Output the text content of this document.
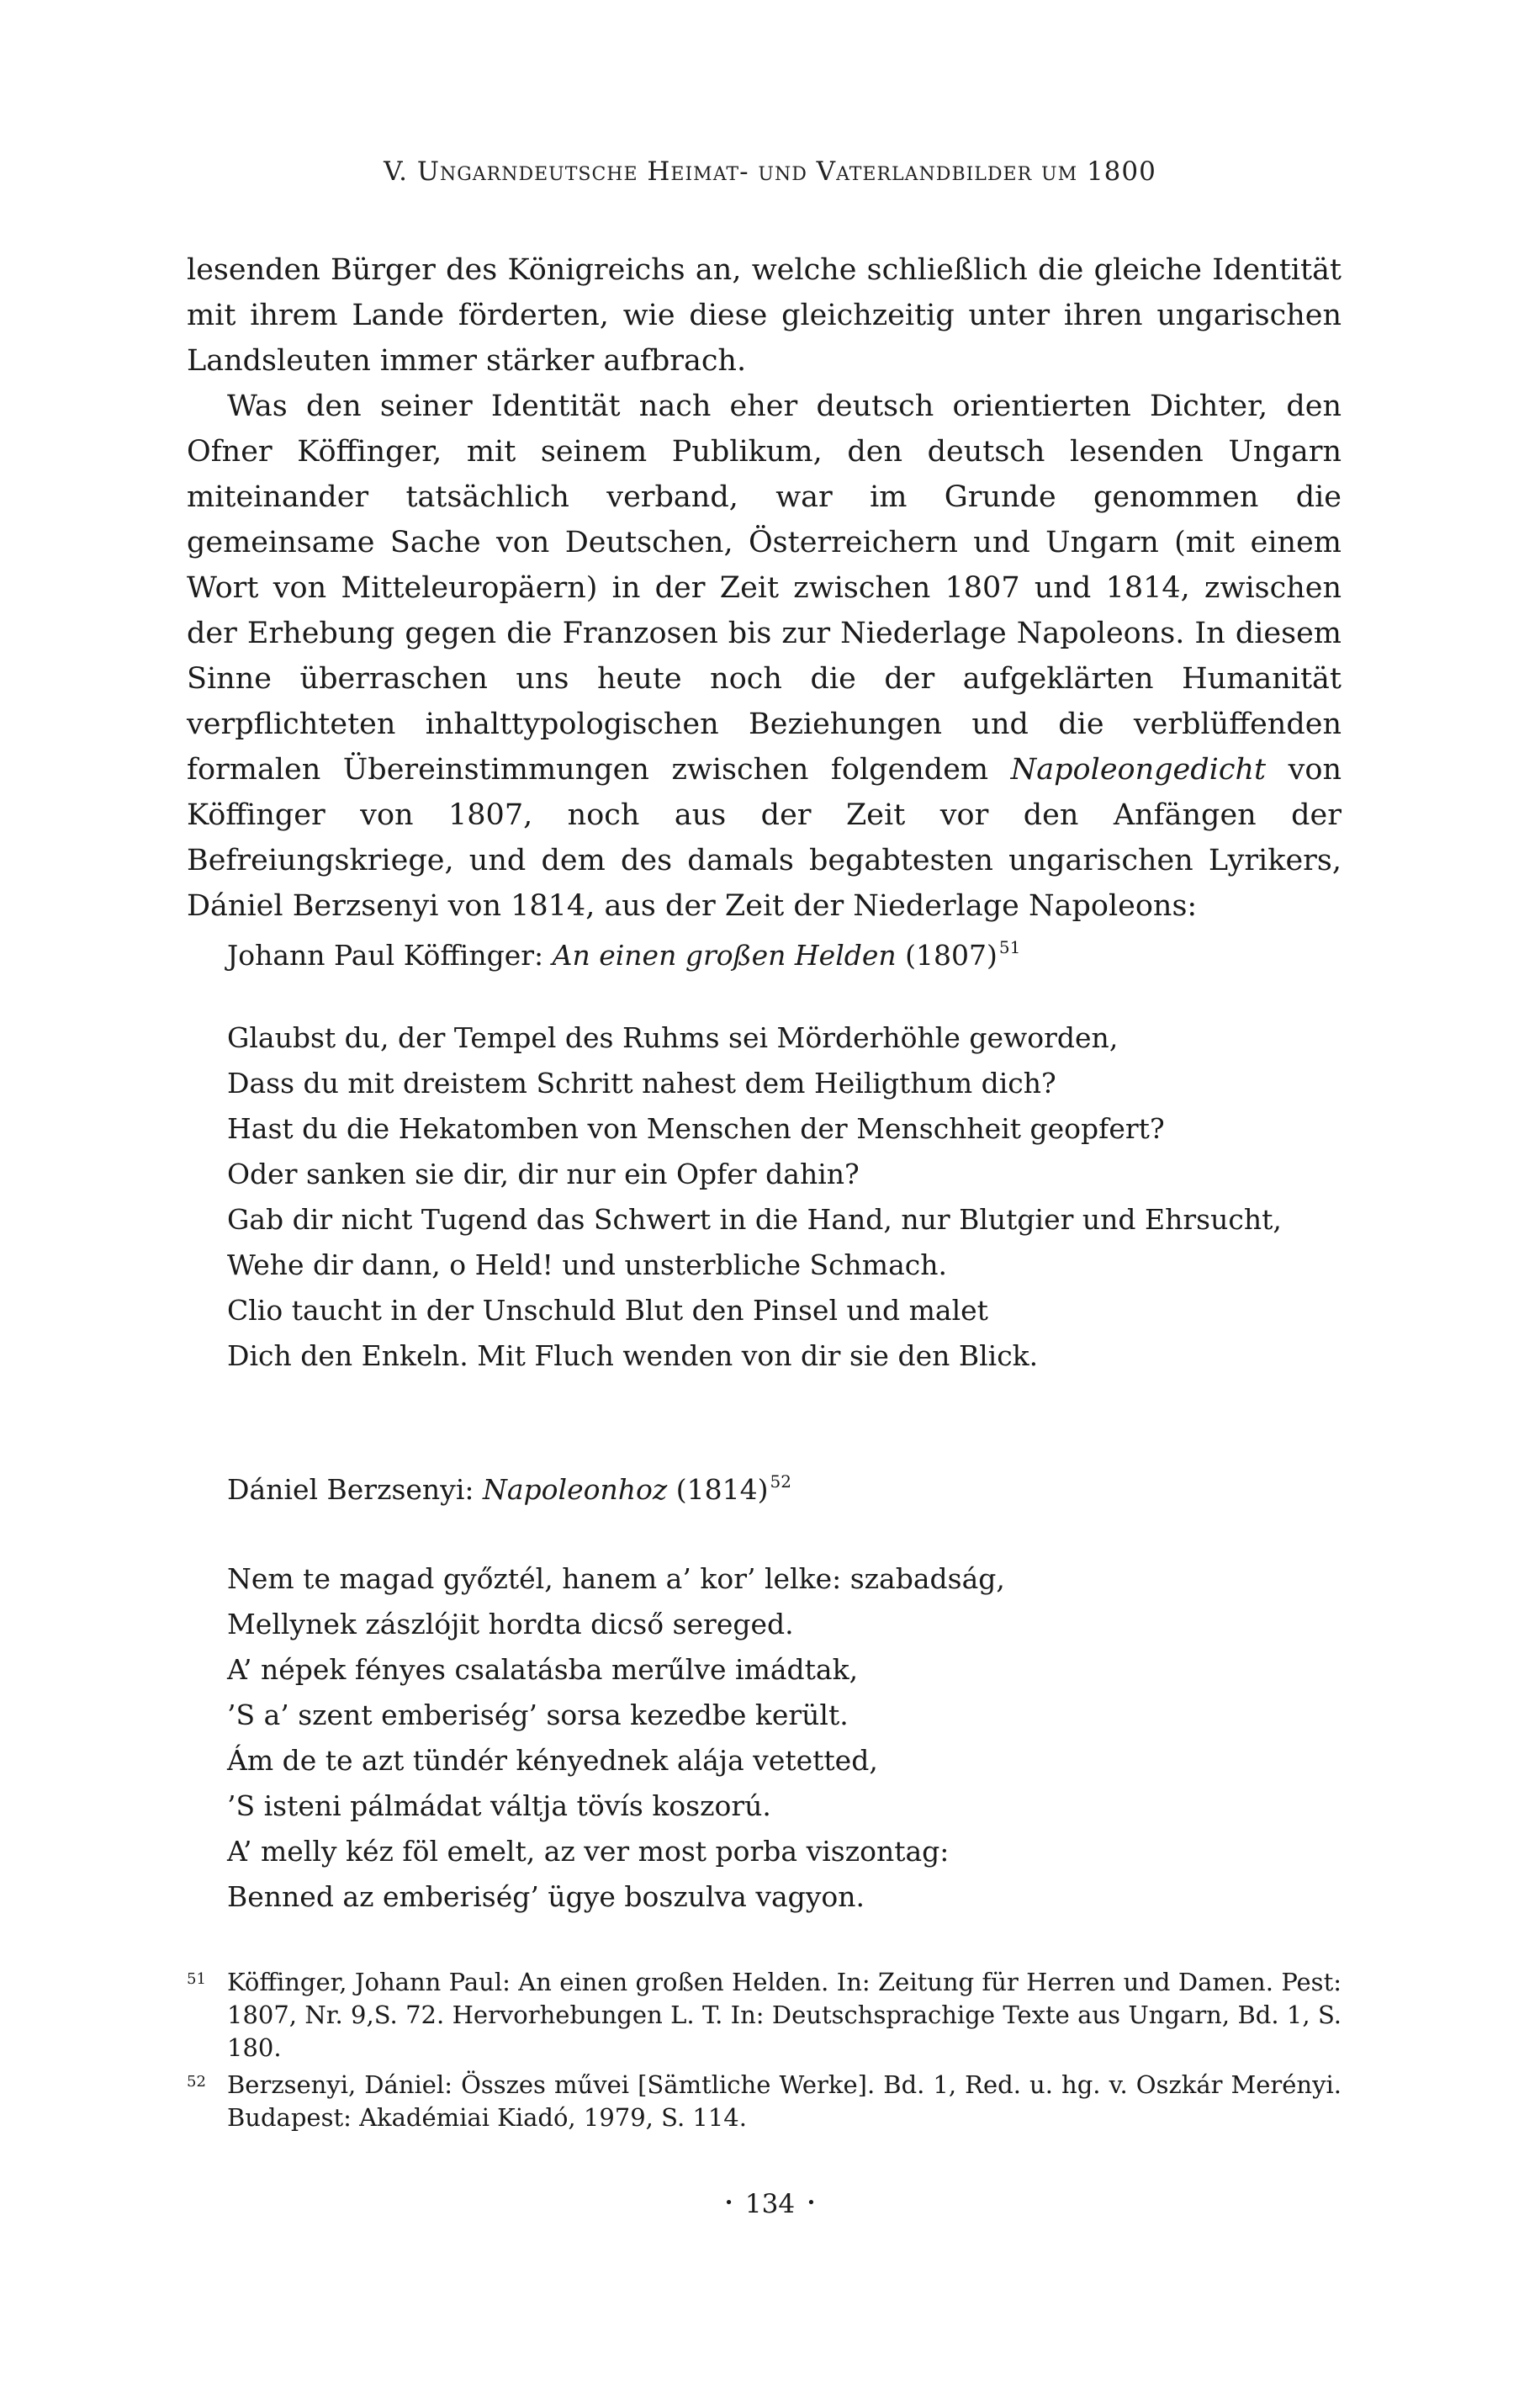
V. Ungarndeutsche Heimat- und Vaterlandbilder um 1800

lesenden Bürger des Königreichs an, welche schließlich die gleiche Identität mit ihrem Lande förderten, wie diese gleichzeitig unter ihren ungarischen Landsleuten immer stärker aufbrach.

Was den seiner Identität nach eher deutsch orientierten Dichter, den Ofner Köffinger, mit seinem Publikum, den deutsch lesenden Ungarn miteinander tatsächlich verband, war im Grunde genommen die gemeinsame Sache von Deutschen, Österreichern und Ungarn (mit einem Wort von Mitteleuropäern) in der Zeit zwischen 1807 und 1814, zwischen der Erhebung gegen die Franzosen bis zur Niederlage Napoleons. In diesem Sinne überraschen uns heute noch die der aufgeklärten Humanität verpflichteten inhalttypologischen Beziehungen und die verblüffenden formalen Übereinstimmungen zwischen folgendem Napoleongedicht von Köffinger von 1807, noch aus der Zeit vor den Anfängen der Befreiungskriege, und dem des damals begabtesten ungarischen Lyrikers, Dániel Berzsenyi von 1814, aus der Zeit der Niederlage Napoleons:

Johann Paul Köffinger: An einen großen Helden (1807) $^{51}$
Glaubst du, der Tempel des Ruhms sei Mörderhöhle geworden,
Dass du mit dreistem Schritt nahest dem Heiligthum dich?
Hast du die Hekatomben von Menschen der Menschheit geopfert?
Oder sanken sie dir, dir nur ein Opfer dahin?
Gab dir nicht Tugend das Schwert in die Hand, nur Blutgier und Ehrsucht,
Wehe dir dann, o Held! und unsterbliche Schmach.
Clio taucht in der Unschuld Blut den Pinsel und malet
Dich den Enkeln. Mit Fluch wenden von dir sie den Blick.
Dániel Berzsenyi: Napoleonhoz (1814) $^{52}$
Nem te magad győztél, hanem a’ kor’ lelke: szabadság,
Mellynek zászlójit hordta dicső sereged.
A’ népek fényes csalatásba merűlve imádtak,
’S a’ szent emberiség’ sorsa kezedbe került.
Ám de te azt tündér kényednek alája vetetted,
’S isteni pálmádat váltja tövís koszorú.
A’ melly kéz föl emelt, az ver most porba viszontag:
Benned az emberiség’ ügye boszulva vagyon.
51 Köffinger, Johann Paul: An einen großen Helden. In: Zeitung für Herren und Damen. Pest: 1807, Nr. 9,S. 72. Hervorhebungen L. T. In: Deutschsprachige Texte aus Ungarn, Bd. 1, S. 180.
52 Berzsenyi, Dániel: Összes művei [Sämtliche Werke]. Bd. 1, Red. u. hg. v. Oszkár Merényi. Budapest: Akadémiai Kiadó, 1979, S. 114.
• 134 •
